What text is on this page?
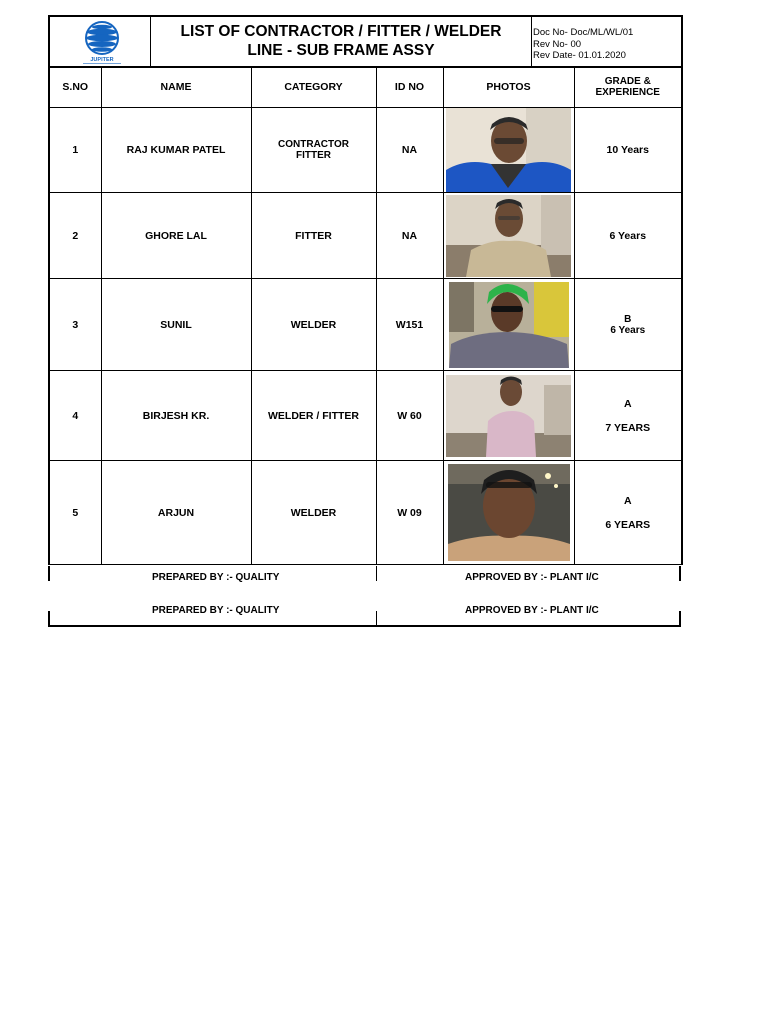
JUPITER
LIST OF CONTRACTOR / FITTER / WELDER
LINE - SUB FRAME ASSY
Doc No- Doc/ML/WL/01
Rev No- 00
Rev Date- 01.01.2020
S.NO	NAME	CATEGORY	ID NO	PHOTOS	GRADE &
EXPERIENCE

1	RAJ KUMAR PATEL	CONTRACTOR
FITTER	NA		10 Years

2	GHORE LAL	FITTER	NA		6 Years
3	SUNIL	WELDER	W151		B
6 Years

4	BIRJESH KR.	WELDER / FITTER	W 60		A
7 YEARS

5	ARJUN	WELDER	W 09		A
6 YEARS
PREPARED BY :- QUALITY	APPROVED BY :- PLANT I/C
PREPARED BY :- QUALITY	APPROVED BY :- PLANT I/C
